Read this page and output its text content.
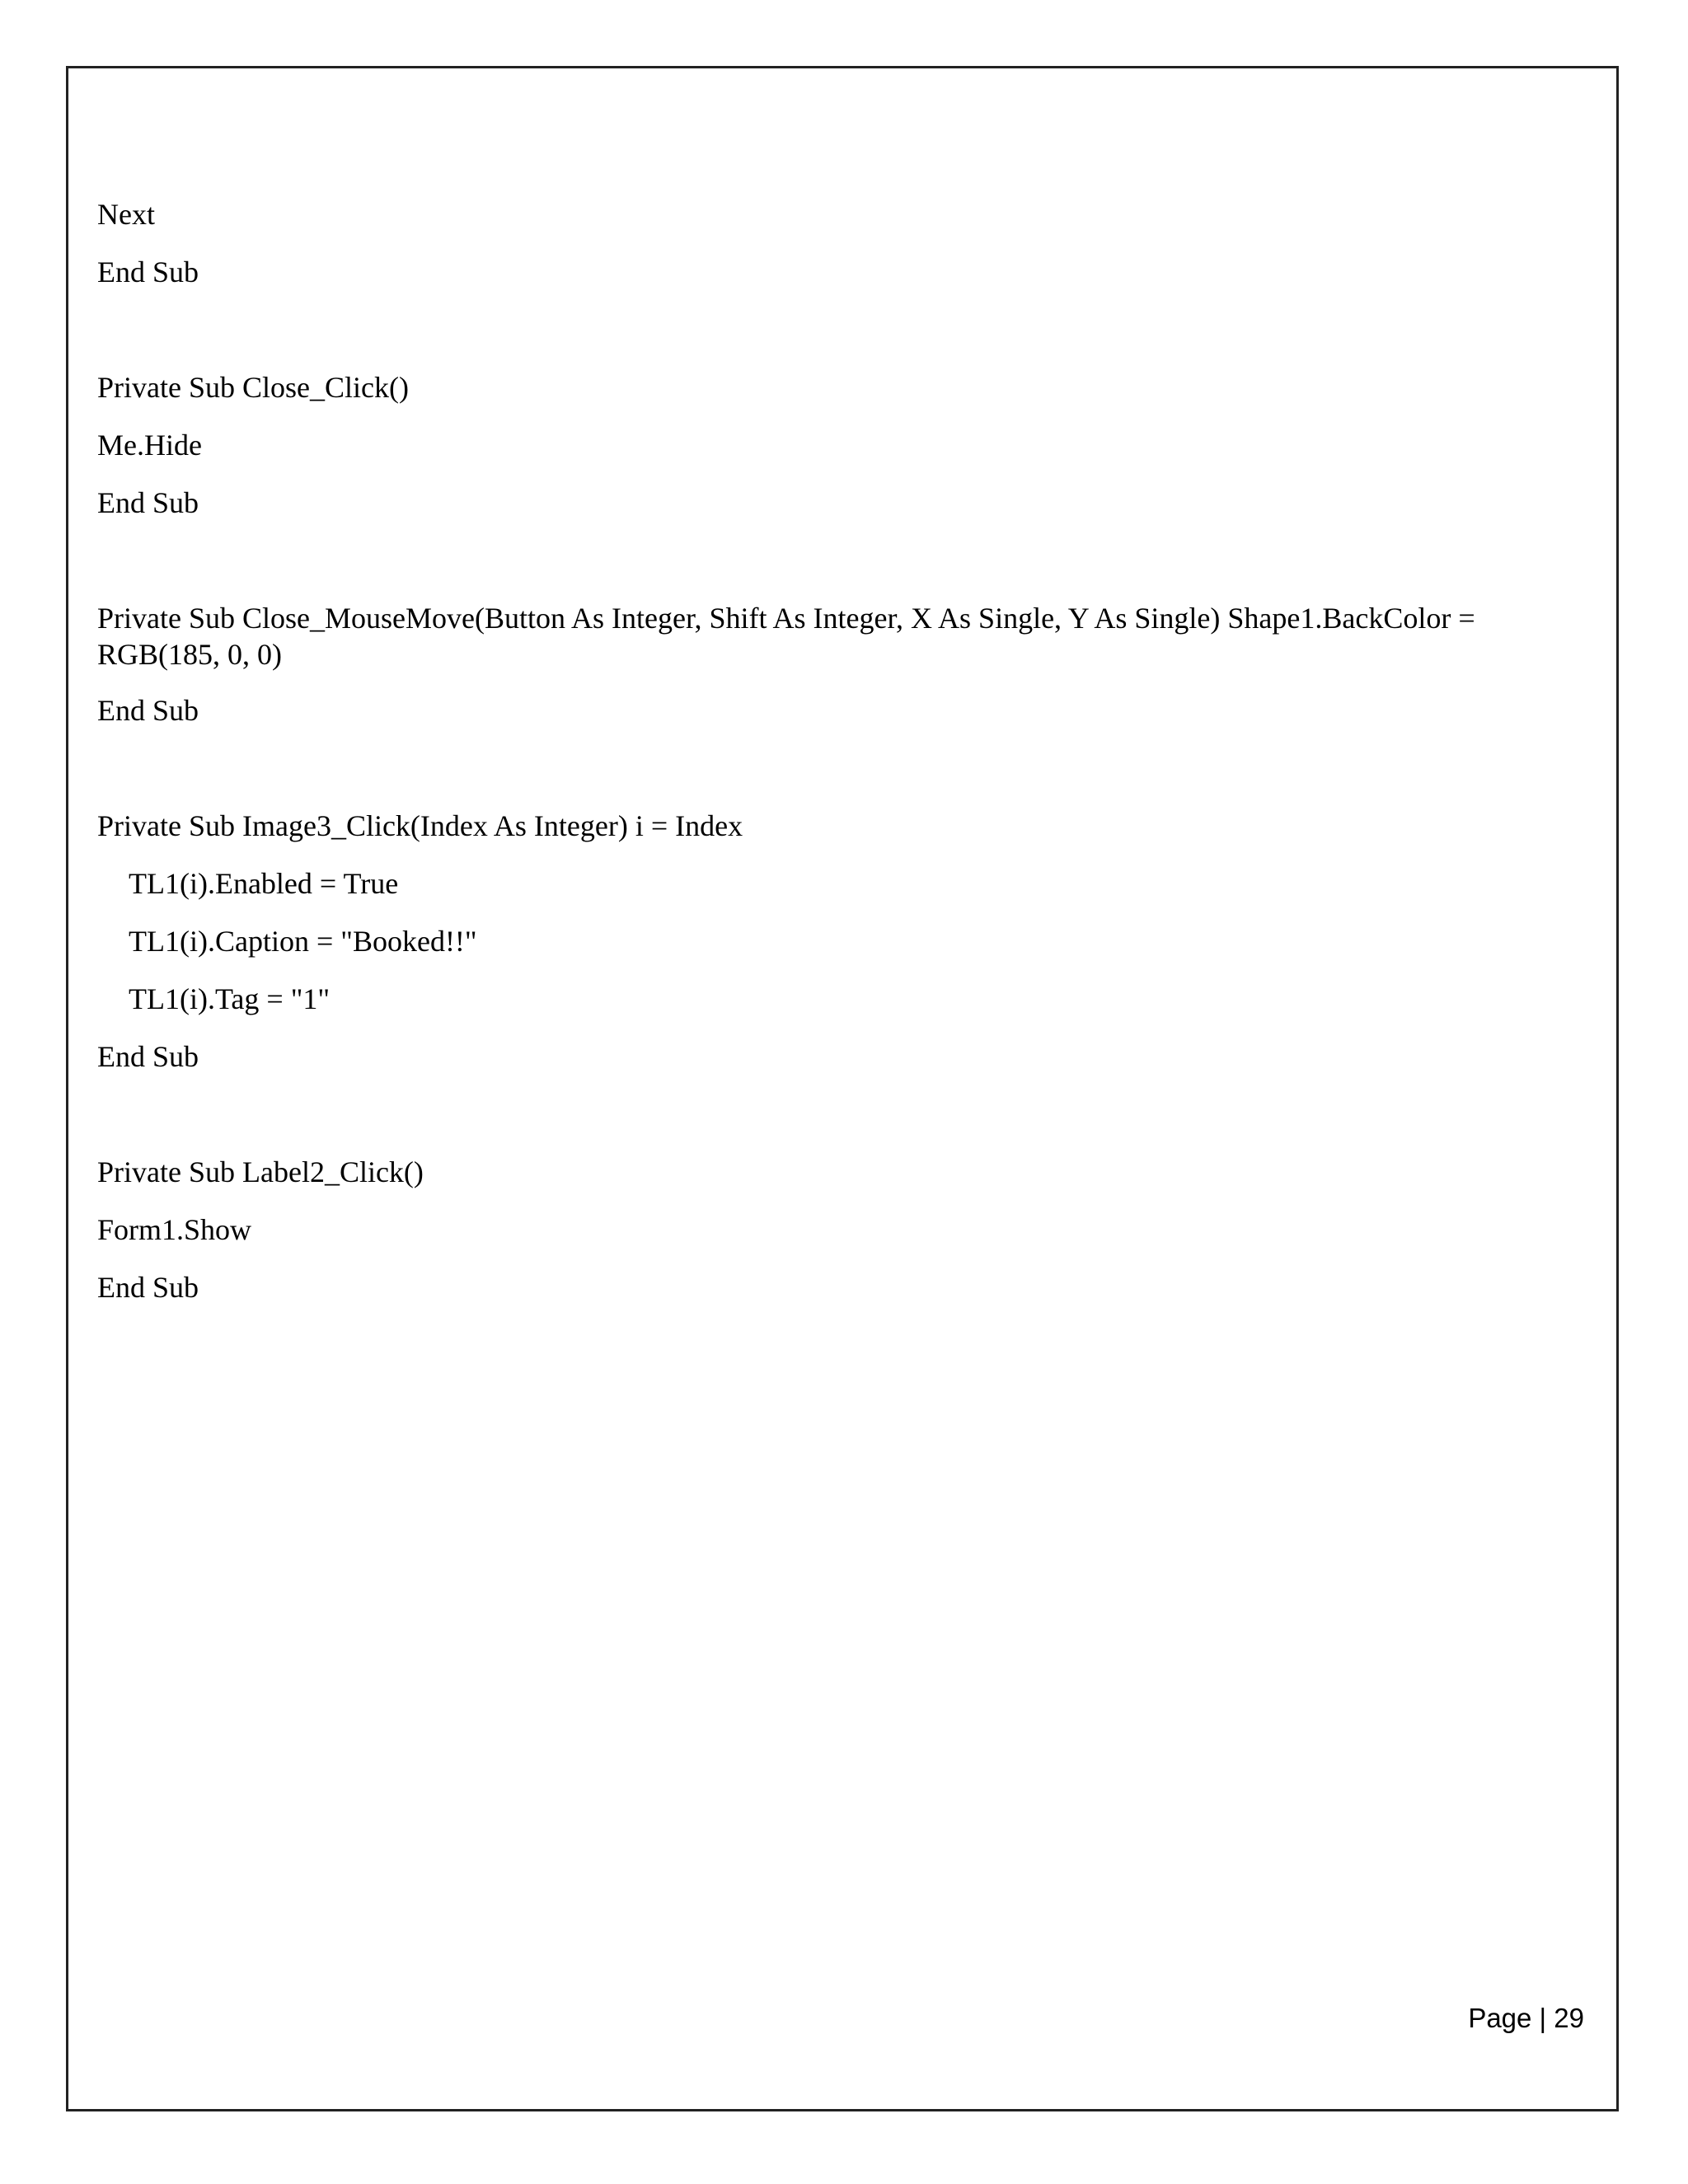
Next

End Sub

Private Sub Close_Click()

Me.Hide

End Sub

Private Sub Close_MouseMove(Button As Integer, Shift As Integer, X As Single, Y As Single) Shape1.BackColor = RGB(185, 0, 0)

End Sub

Private Sub Image3_Click(Index As Integer) i = Index

TL1(i).Enabled = True

TL1(i).Caption = "Booked!!"

TL1(i).Tag = "1"

End Sub

Private Sub Label2_Click()

Form1.Show

End Sub

Page | 29
